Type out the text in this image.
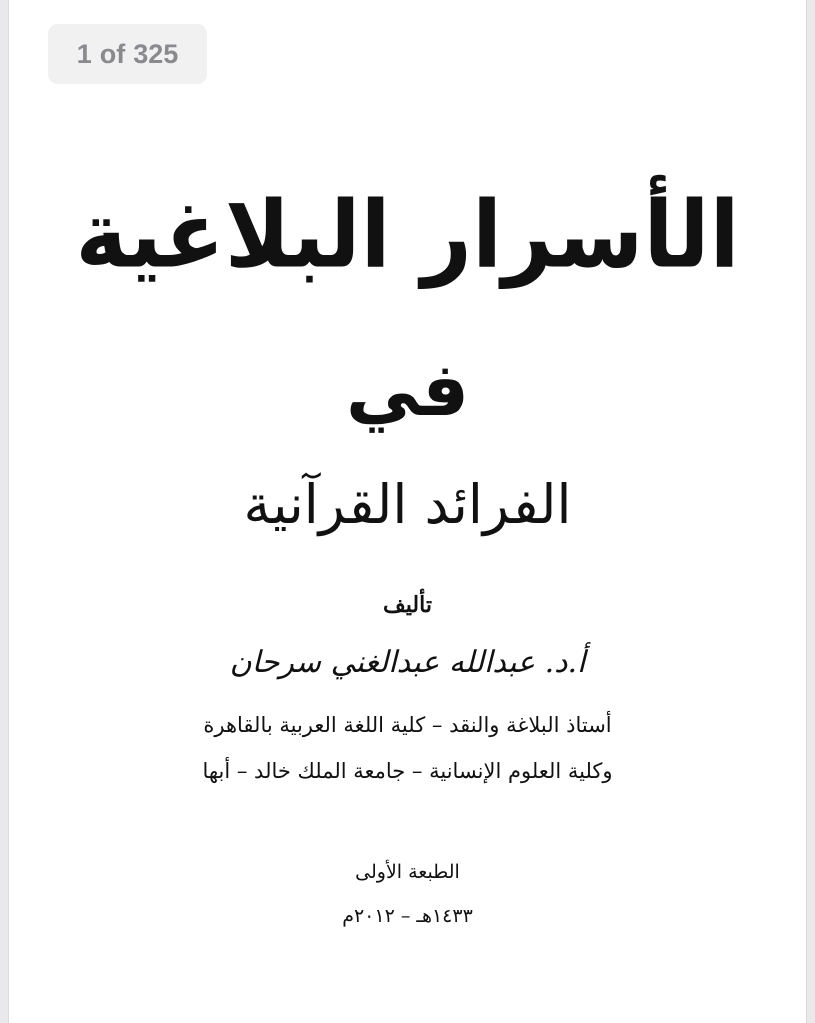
1 of 325
الأسرار البلاغية
في
الفرائد القرآنية
تأليف
أ.د. عبدالله عبدالغني سرحان
أستاذ البلاغة والنقد – كلية اللغة العربية بالقاهرة
وكلية العلوم الإنسانية – جامعة الملك خالد – أبها
الطبعة الأولى
١٤٣٣هـ – ٢٠١٢م
